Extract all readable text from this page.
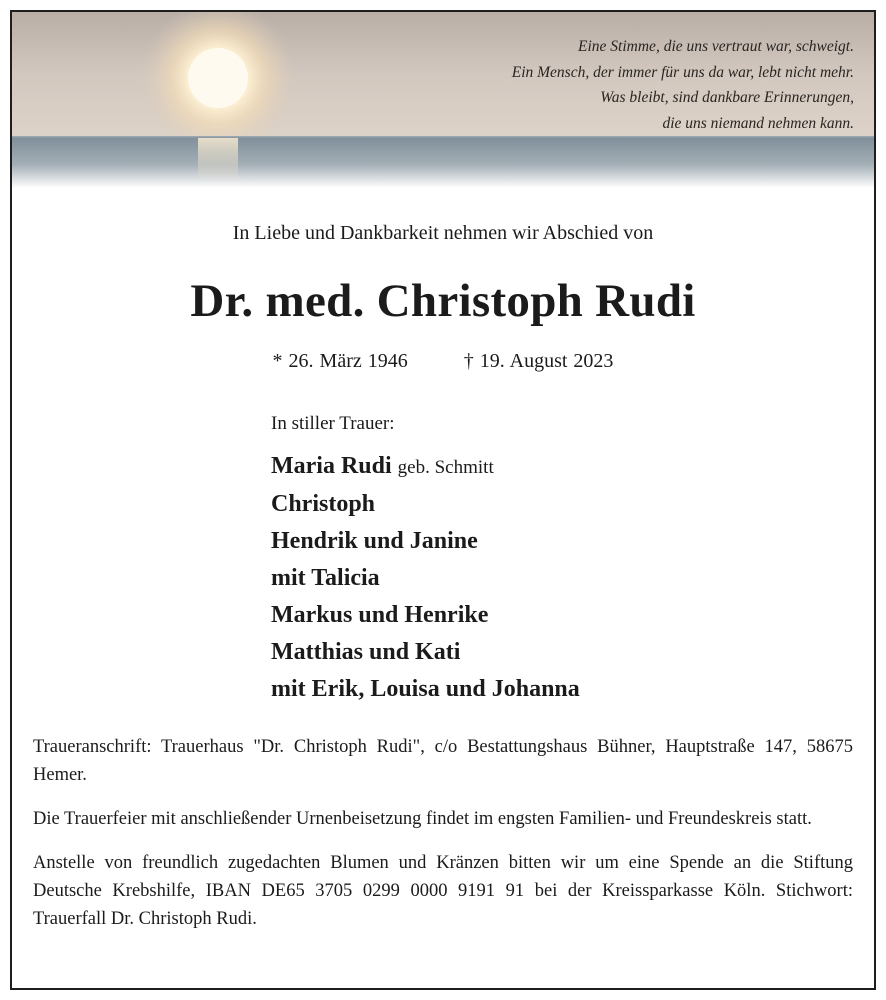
Eine Stimme, die uns vertraut war, schweigt.
Ein Mensch, der immer für uns da war, lebt nicht mehr.
Was bleibt, sind dankbare Erinnerungen,
die uns niemand nehmen kann.
In Liebe und Dankbarkeit nehmen wir Abschied von
Dr. med. Christoph Rudi
* 26. März 1946	† 19. August 2023
In stiller Trauer:
Maria Rudi geb. Schmitt
Christoph
Hendrik und Janine
mit Talicia
Markus und Henrike
Matthias und Kati
mit Erik, Louisa und Johanna

Traueranschrift: Trauerhaus "Dr. Christoph Rudi", c/o Bestattungshaus Bühner, Hauptstraße 147, 58675 Hemer.

Die Trauerfeier mit anschließender Urnenbeisetzung findet im engsten Familien- und Freundeskreis statt.

Anstelle von freundlich zugedachten Blumen und Kränzen bitten wir um eine Spende an die Stiftung Deutsche Krebshilfe, IBAN DE65 3705 0299 0000 9191 91 bei der Kreissparkasse Köln. Stichwort: Trauerfall Dr. Christoph Rudi.
